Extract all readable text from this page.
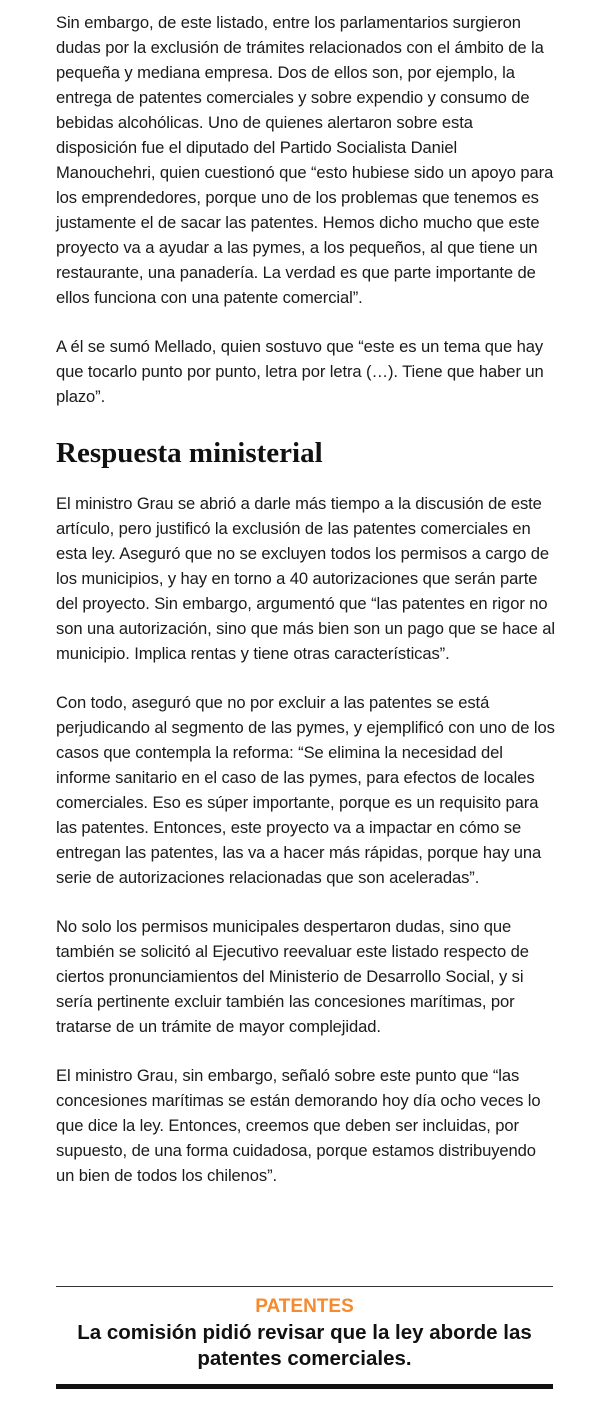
Sin embargo, de este listado, entre los parlamentarios surgieron dudas por la exclusión de trámites relacionados con el ámbito de la pequeña y mediana empresa. Dos de ellos son, por ejemplo, la entrega de patentes comerciales y sobre expendio y consumo de bebidas alcohólicas. Uno de quienes alertaron sobre esta disposición fue el diputado del Partido Socialista Daniel Manouchehri, quien cuestionó que “esto hubiese sido un apoyo para los emprendedores, porque uno de los problemas que tenemos es justamente el de sacar las patentes. Hemos dicho mucho que este proyecto va a ayudar a las pymes, a los pequeños, al que tiene un restaurante, una panadería. La verdad es que parte importante de ellos funciona con una patente comercial”.

A él se sumó Mellado, quien sostuvo que “este es un tema que hay que tocarlo punto por punto, letra por letra (…). Tiene que haber un plazo”.

Respuesta ministerial

El ministro Grau se abrió a darle más tiempo a la discusión de este artículo, pero justificó la exclusión de las patentes comerciales en esta ley. Aseguró que no se excluyen todos los permisos a cargo de los municipios, y hay en torno a 40 autorizaciones que serán parte del proyecto. Sin embargo, argumentó que “las patentes en rigor no son una autorización, sino que más bien son un pago que se hace al municipio. Implica rentas y tiene otras características”.

Con todo, aseguró que no por excluir a las patentes se está perjudicando al segmento de las pymes, y ejemplificó con uno de los casos que contempla la reforma: “Se elimina la necesidad del informe sanitario en el caso de las pymes, para efectos de locales comerciales. Eso es súper importante, porque es un requisito para las patentes. Entonces, este proyecto va a impactar en cómo se entregan las patentes, las va a hacer más rápidas, porque hay una serie de autorizaciones relacionadas que son aceleradas”.

No solo los permisos municipales despertaron dudas, sino que también se solicitó al Ejecutivo reevaluar este listado respecto de ciertos pronunciamientos del Ministerio de Desarrollo Social, y si sería pertinente excluir también las concesiones marítimas, por tratarse de un trámite de mayor complejidad.

El ministro Grau, sin embargo, señaló sobre este punto que “las concesiones marítimas se están demorando hoy día ocho veces lo que dice la ley. Entonces, creemos que deben ser incluidas, por supuesto, de una forma cuidadosa, porque estamos distribuyendo un bien de todos los chilenos”.

PATENTES
La comisión pidió revisar que la ley aborde las patentes comerciales.
